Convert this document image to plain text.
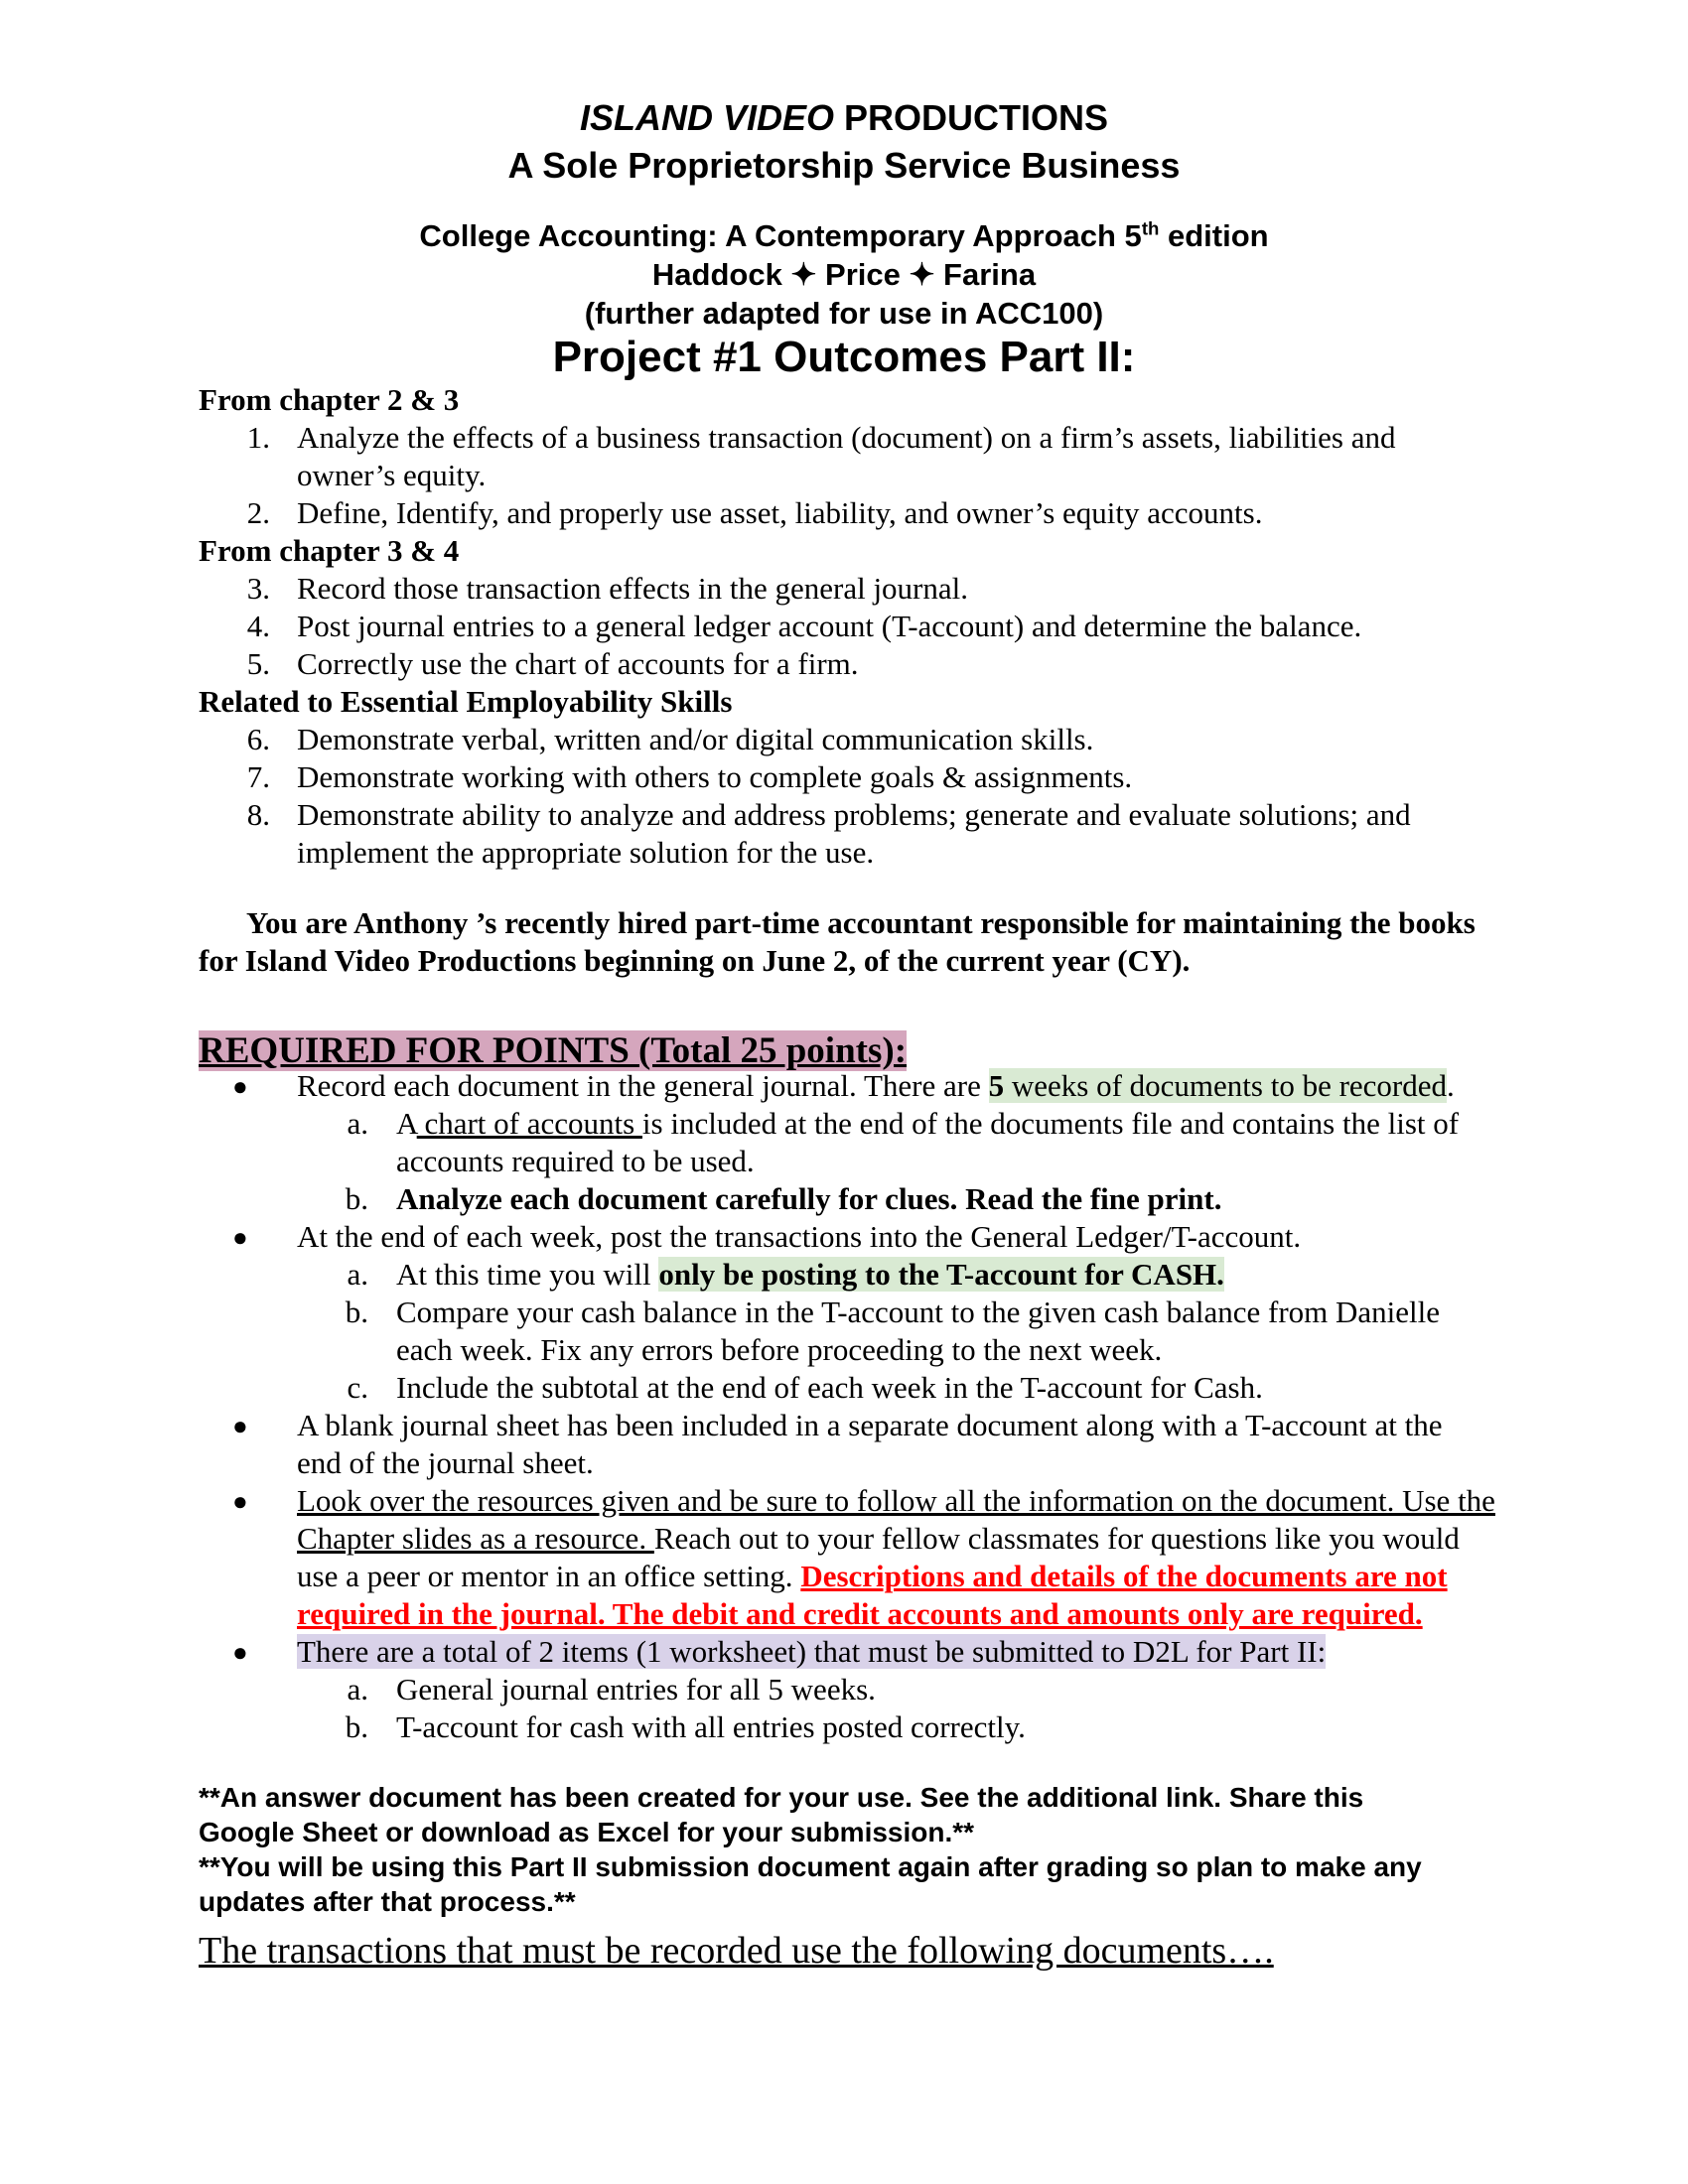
ISLAND VIDEO PRODUCTIONS
A Sole Proprietorship Service Business
College Accounting: A Contemporary Approach 5th edition
Haddock ✦ Price ✦ Farina
(further adapted for use in ACC100)
Project #1 Outcomes Part II:
From chapter 2 & 3
1. Analyze the effects of a business transaction (document) on a firm’s assets, liabilities and
owner’s equity.
2. Define, Identify, and properly use asset, liability, and owner’s equity accounts.
From chapter 3 & 4
3. Record those transaction effects in the general journal.
4. Post journal entries to a general ledger account (T-account) and determine the balance.
5. Correctly use the chart of accounts for a firm.
Related to Essential Employability Skills
6. Demonstrate verbal, written and/or digital communication skills.
7. Demonstrate working with others to complete goals & assignments.
8. Demonstrate ability to analyze and address problems; generate and evaluate solutions; and
implement the appropriate solution for the use.
You are Anthony ’s recently hired part-time accountant responsible for maintaining the books
for Island Video Productions beginning on June 2, of the current year (CY).
REQUIRED FOR POINTS (Total 25 points):
● Record each document in the general journal. There are 5 weeks of documents to be recorded.
a. A chart of accounts is included at the end of the documents file and contains the list of
accounts required to be used.
b. Analyze each document carefully for clues. Read the fine print.
● At the end of each week, post the transactions into the General Ledger/T-account.
a. At this time you will only be posting to the T-account for CASH.
b. Compare your cash balance in the T-account to the given cash balance from Danielle
each week. Fix any errors before proceeding to the next week.
c. Include the subtotal at the end of each week in the T-account for Cash.
● A blank journal sheet has been included in a separate document along with a T-account at the
end of the journal sheet.
● Look over the resources given and be sure to follow all the information on the document. Use the
Chapter slides as a resource. Reach out to your fellow classmates for questions like you would
use a peer or mentor in an office setting. Descriptions and details of the documents are not
required in the journal. The debit and credit accounts and amounts only are required.
● There are a total of 2 items (1 worksheet) that must be submitted to D2L for Part II:
a. General journal entries for all 5 weeks.
b. T-account for cash with all entries posted correctly.
**An answer document has been created for your use. See the additional link. Share this
Google Sheet or download as Excel for your submission.**
**You will be using this Part II submission document again after grading so plan to make any
updates after that process.**
The transactions that must be recorded use the following documents….
